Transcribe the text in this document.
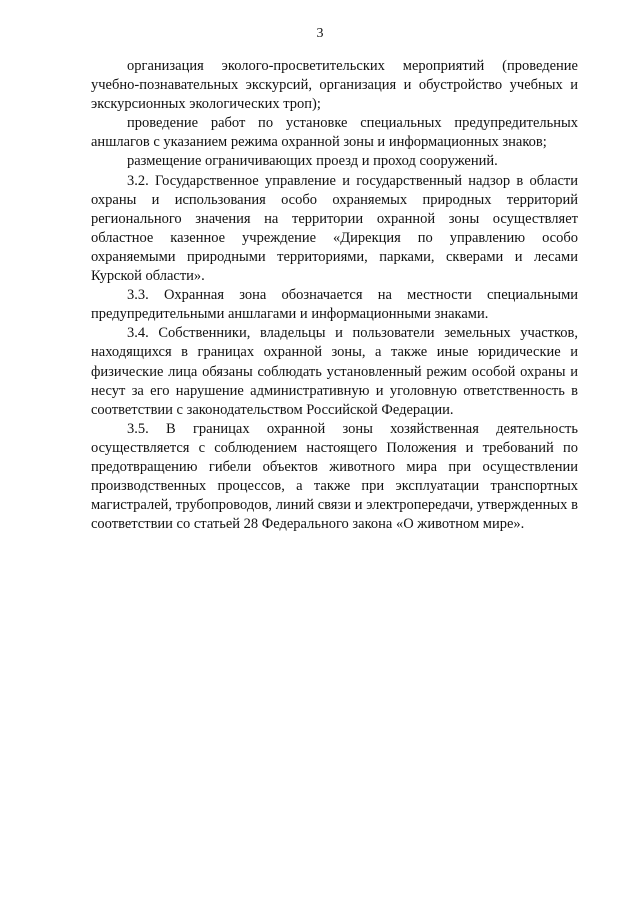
3

организация эколого-просветительских мероприятий (проведение учебно-познавательных экскурсий, организация и обустройство учебных и экскурсионных экологических троп);

проведение работ по установке специальных предупредительных аншлагов с указанием режима охранной зоны и информационных знаков;

размещение ограничивающих проезд и проход сооружений.

3.2. Государственное управление и государственный надзор в области охраны и использования особо охраняемых природных территорий регионального значения на территории охранной зоны осуществляет областное казенное учреждение «Дирекция по управлению особо охраняемыми природными территориями, парками, скверами и лесами Курской области».

3.3. Охранная зона обозначается на местности специальными предупредительными аншлагами и информационными знаками.

3.4. Собственники, владельцы и пользователи земельных участков, находящихся в границах охранной зоны, а также иные юридические и физические лица обязаны соблюдать установленный режим особой охраны и несут за его нарушение административную и уголовную ответственность в соответствии с законодательством Российской Федерации.

3.5. В границах охранной зоны хозяйственная деятельность осуществляется с соблюдением настоящего Положения и требований по предотвращению гибели объектов животного мира при осуществлении производственных процессов, а также при эксплуатации транспортных магистралей, трубопроводов, линий связи и электропередачи, утвержденных в соответствии со статьей 28 Федерального закона «О животном мире».
